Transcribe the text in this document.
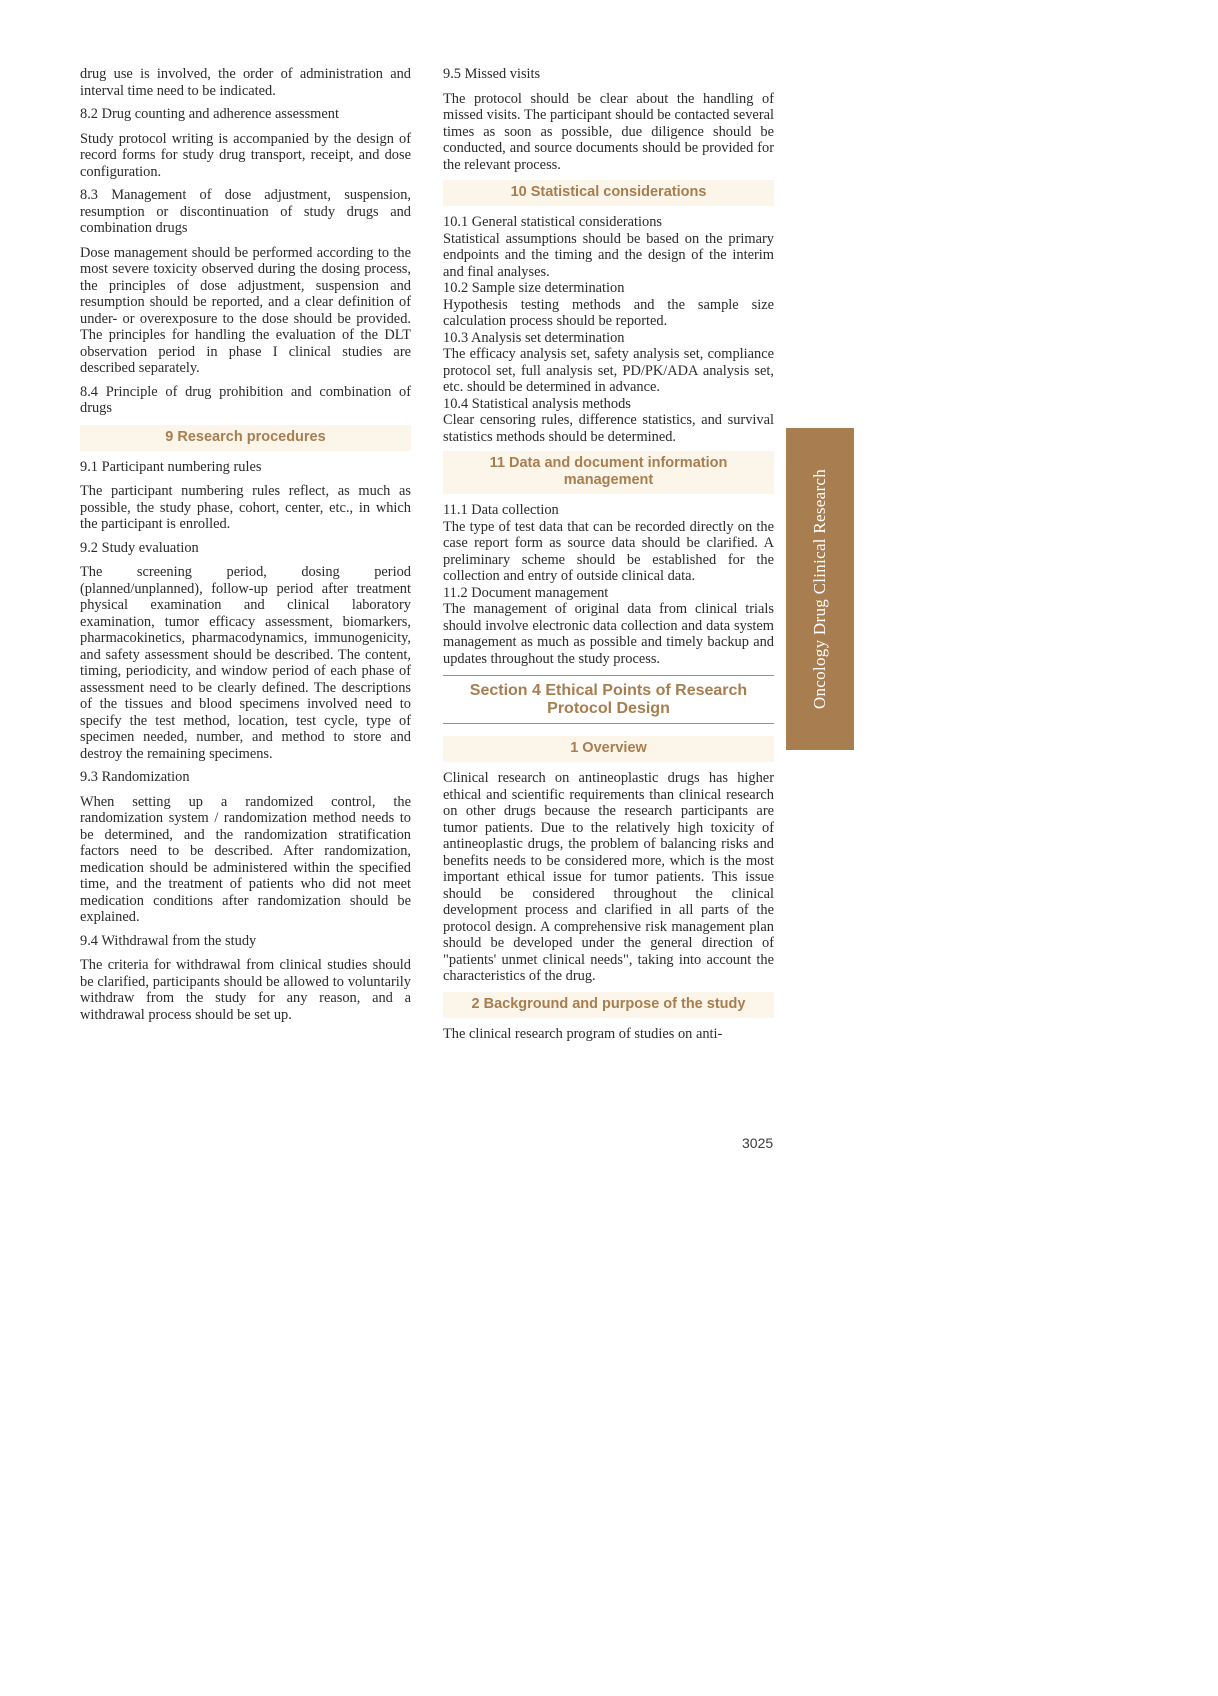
drug use is involved, the order of administration and interval time need to be indicated.

8.2 Drug counting and adherence assessment

Study protocol writing is accompanied by the design of record forms for study drug transport, receipt, and dose configuration.

8.3 Management of dose adjustment, suspension, resumption or discontinuation of study drugs and combination drugs

Dose management should be performed according to the most severe toxicity observed during the dosing process, the principles of dose adjustment, suspension and resumption should be reported, and a clear definition of under- or overexposure to the dose should be provided. The principles for handling the evaluation of the DLT observation period in phase I clinical studies are described separately.

8.4 Principle of drug prohibition and combination of drugs

9 Research procedures

9.1 Participant numbering rules

The participant numbering rules reflect, as much as possible, the study phase, cohort, center, etc., in which the participant is enrolled.

9.2 Study evaluation

The screening period, dosing period (planned/unplanned), follow-up period after treatment physical examination and clinical laboratory examination, tumor efficacy assessment, biomarkers, pharmacokinetics, pharmacodynamics, immunogenicity, and safety assessment should be described. The content, timing, periodicity, and window period of each phase of assessment need to be clearly defined. The descriptions of the tissues and blood specimens involved need to specify the test method, location, test cycle, type of specimen needed, number, and method to store and destroy the remaining specimens.

9.3 Randomization

When setting up a randomized control, the randomization system / randomization method needs to be determined, and the randomization stratification factors need to be described. After randomization, medication should be administered within the specified time, and the treatment of patients who did not meet medication conditions after randomization should be explained.

9.4 Withdrawal from the study

The criteria for withdrawal from clinical studies should be clarified, participants should be allowed to voluntarily withdraw from the study for any reason, and a withdrawal process should be set up.

9.5 Missed visits

The protocol should be clear about the handling of missed visits. The participant should be contacted several times as soon as possible, due diligence should be conducted, and source documents should be provided for the relevant process.

10 Statistical considerations

10.1 General statistical considerations

Statistical assumptions should be based on the primary endpoints and the timing and the design of the interim and final analyses.

10.2 Sample size determination

Hypothesis testing methods and the sample size calculation process should be reported.

10.3 Analysis set determination

The efficacy analysis set, safety analysis set, compliance protocol set, full analysis set, PD/PK/ADA analysis set, etc. should be determined in advance.

10.4 Statistical analysis methods

Clear censoring rules, difference statistics, and survival statistics methods should be determined.

11 Data and document information management

11.1 Data collection

The type of test data that can be recorded directly on the case report form as source data should be clarified. A preliminary scheme should be established for the collection and entry of outside clinical data.

11.2 Document management

The management of original data from clinical trials should involve electronic data collection and data system management as much as possible and timely backup and updates throughout the study process.

Section 4 Ethical Points of Research Protocol Design
1 Overview

Clinical research on antineoplastic drugs has higher ethical and scientific requirements than clinical research on other drugs because the research participants are tumor patients. Due to the relatively high toxicity of antineoplastic drugs, the problem of balancing risks and benefits needs to be considered more, which is the most important ethical issue for tumor patients. This issue should be considered throughout the clinical development process and clarified in all parts of the protocol design. A comprehensive risk management plan should be developed under the general direction of "patients' unmet clinical needs", taking into account the characteristics of the drug.

2 Background and purpose of the study

The clinical research program of studies on anti-

Oncology Drug Clinical Research
3025
